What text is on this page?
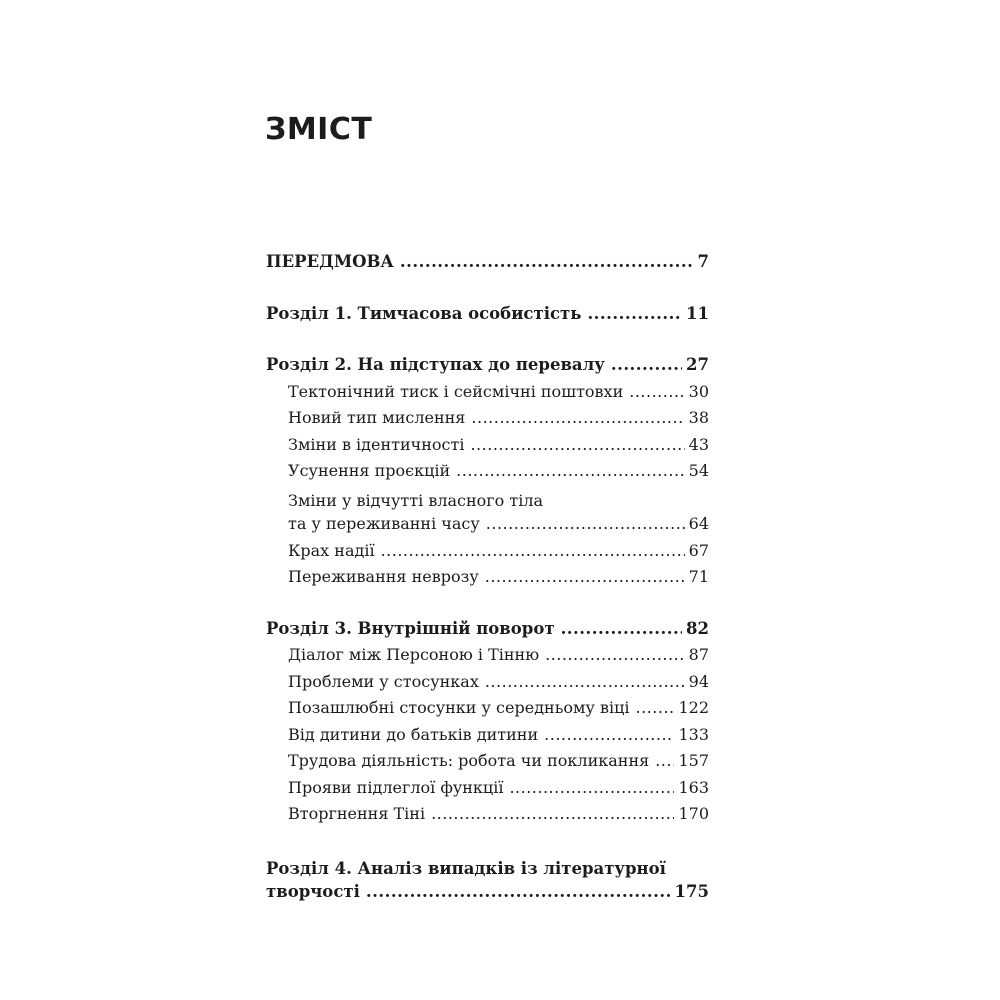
ЗМІСТ
ПЕРЕДМОВА .....	7
Розділ 1. Тимчасова особистість .....	11
Розділ 2. На підступах до перевалу .....	27
Тектонічний тиск і сейсмічні поштовхи .....	30
Новий тип мислення .....	38
Зміни в ідентичності .....	43
Усунення проєкцій .....	54
Зміни у відчутті власного тіла
та у переживанні часу .....	64
Крах надії .....	67
Переживання неврозу .....	71
Розділ 3. Внутрішній поворот .....	82
Діалог між Персоною і Тінню .....	87
Проблеми у стосунках .....	94
Позашлюбні стосунки у середньому віці .....	122
Від дитини до батьків дитини .....	133
Трудова діяльність: робота чи покликання ..... 157
Прояви підлеглої функції .....	163
Вторгнення Тіні .....	170
Розділ 4. Аналіз випадків із літературної
творчості .....	175
